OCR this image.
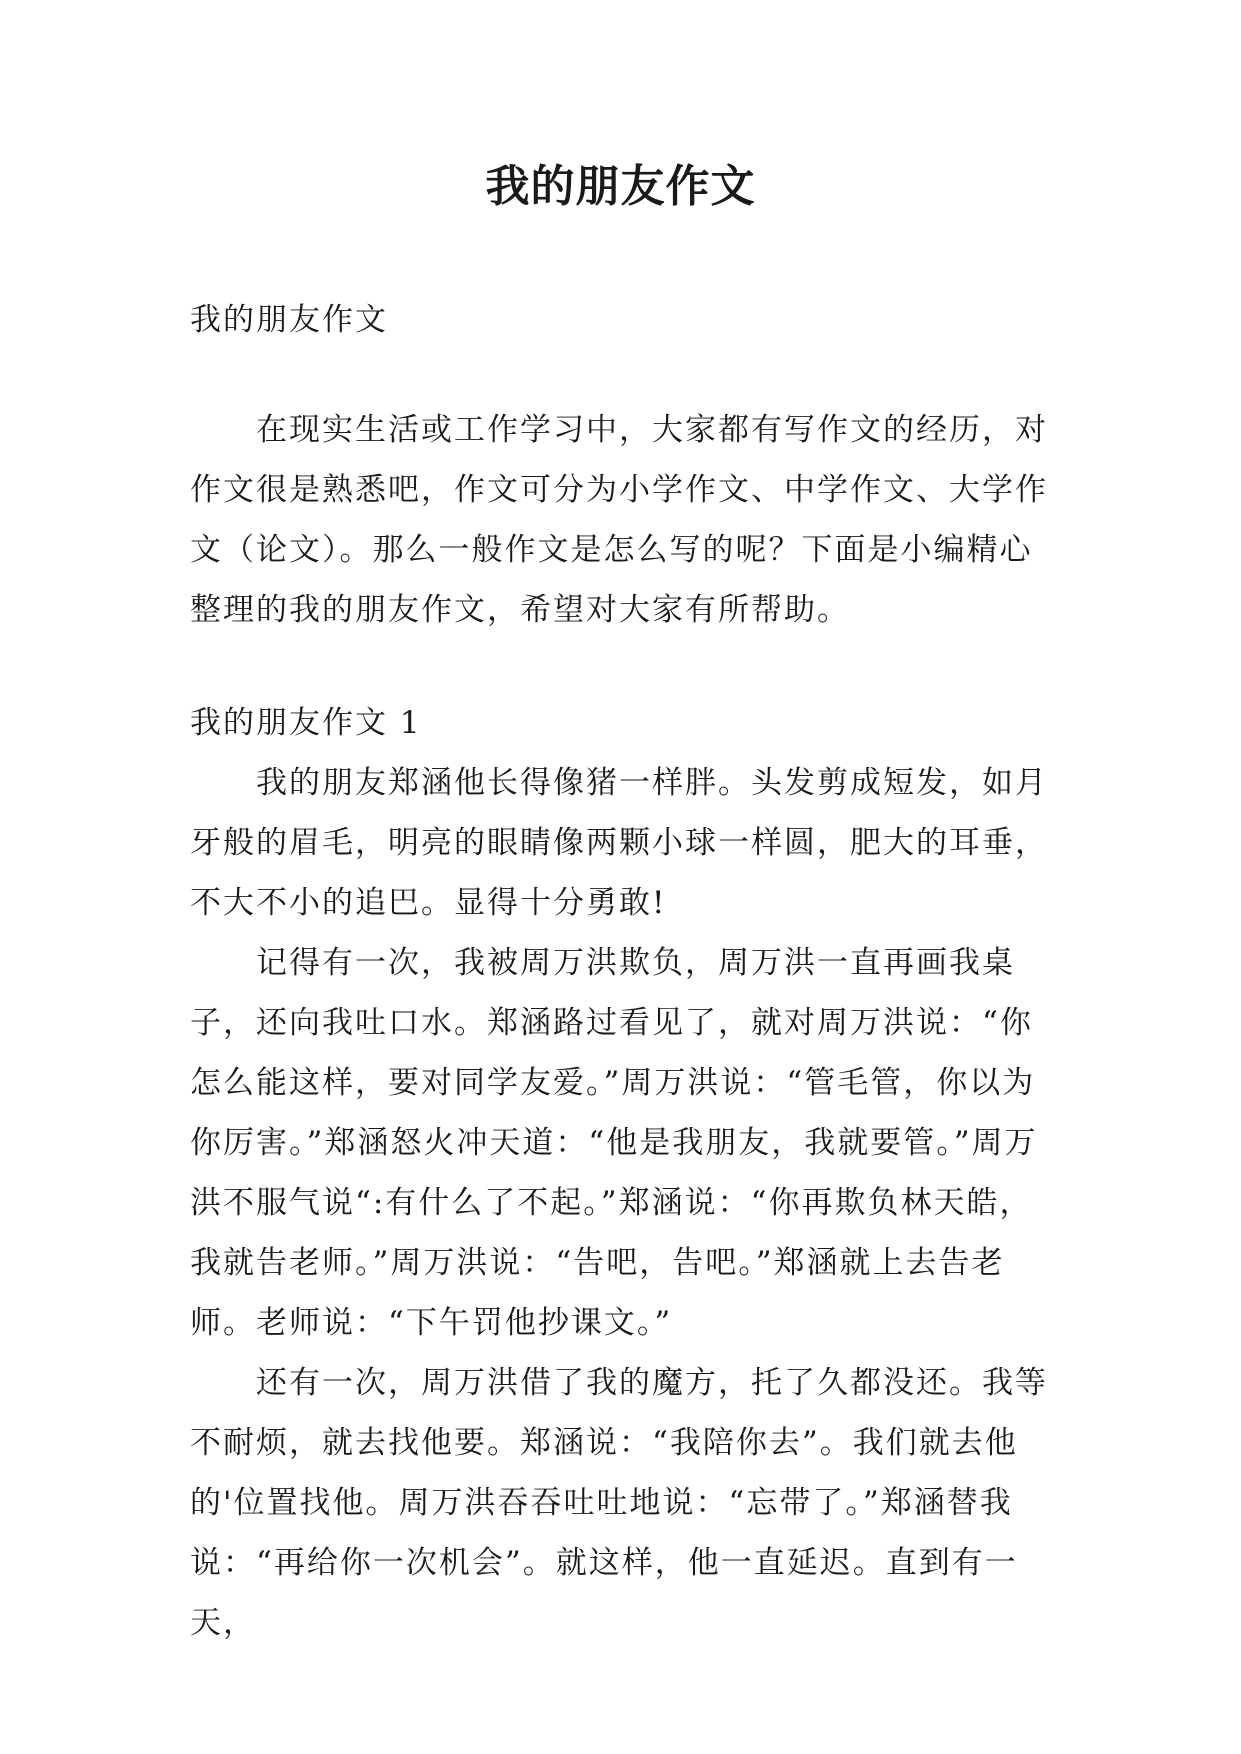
我的朋友作文

我的朋友作文

在现实生活或工作学习中，大家都有写作文的经历，对作文很是熟悉吧，作文可分为小学作文、中学作文、大学作文（论文）。那么一般作文是怎么写的呢？下面是小编精心整理的我的朋友作文，希望对大家有所帮助。

我的朋友作文 1

我的朋友郑涵他长得像猪一样胖。头发剪成短发，如月牙般的眉毛，明亮的眼睛像两颗小球一样圆，肥大的耳垂，不大不小的追巴。显得十分勇敢!

记得有一次，我被周万洪欺负，周万洪一直再画我桌子，还向我吐口水。郑涵路过看见了，就对周万洪说：“你怎么能这样，要对同学友爱。”周万洪说：“管毛管，你以为你厉害。”郑涵怒火冲天道：“他是我朋友，我就要管。”周万洪不服气说“:有什么了不起。”郑涵说：“你再欺负林天皓，我就告老师。”周万洪说：“告吧，告吧。”郑涵就上去告老师。老师说：“下午罚他抄课文。”

还有一次，周万洪借了我的魔方，托了久都没还。我等不耐烦，就去找他要。郑涵说：“我陪你去”。我们就去他的'位置找他。周万洪吞吞吐吐地说：“忘带了。”郑涵替我说：“再给你一次机会”。就这样，他一直延迟。直到有一天，
